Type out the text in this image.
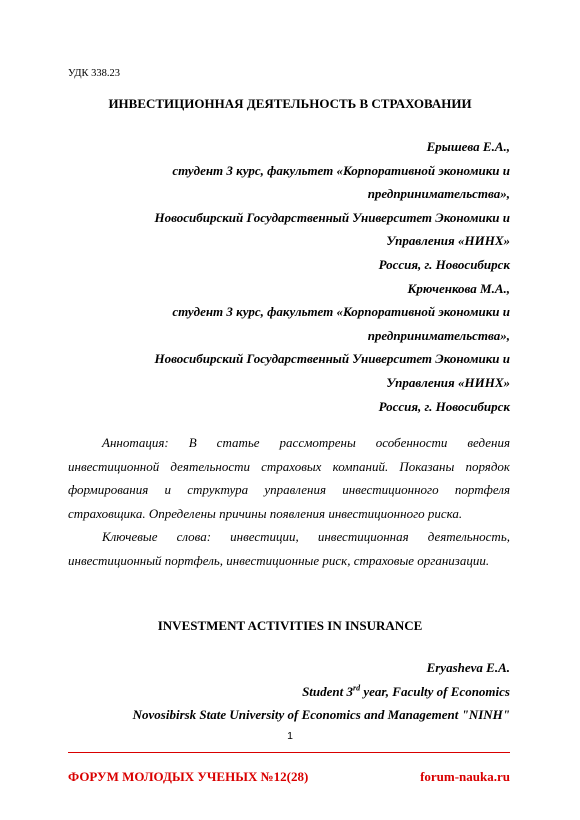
УДК 338.23
ИНВЕСТИЦИОННАЯ ДЕЯТЕЛЬНОСТЬ В СТРАХОВАНИИ
Ерышева Е.А.,
студент 3 курс, факультет «Корпоративной экономики и
предпринимательства»,
Новосибирский Государственный Университет Экономики и
Управления «НИНХ»
Россия, г. Новосибирск
Крюченкова М.А.,
студент 3 курс, факультет «Корпоративной экономики и
предпринимательства»,
Новосибирский Государственный Университет Экономики и
Управления «НИНХ»
Россия, г. Новосибирск

Аннотация: В статье рассмотрены особенности ведения инвестиционной деятельности страховых компаний. Показаны порядок формирования и структура управления инвестиционного портфеля страховщика. Определены причины появления инвестиционного риска.

Ключевые слова: инвестиции, инвестиционная деятельность, инвестиционный портфель, инвестиционные риск, страховые организации.

INVESTMENT ACTIVITIES IN INSURANCE
Eryasheva E.A.
Student 3rd year, Faculty of Economics
Novosibirsk State University of Economics and Management "NINH"
1
ФОРУМ МОЛОДЫХ УЧЕНЫХ №12(28)	forum-nauka.ru
